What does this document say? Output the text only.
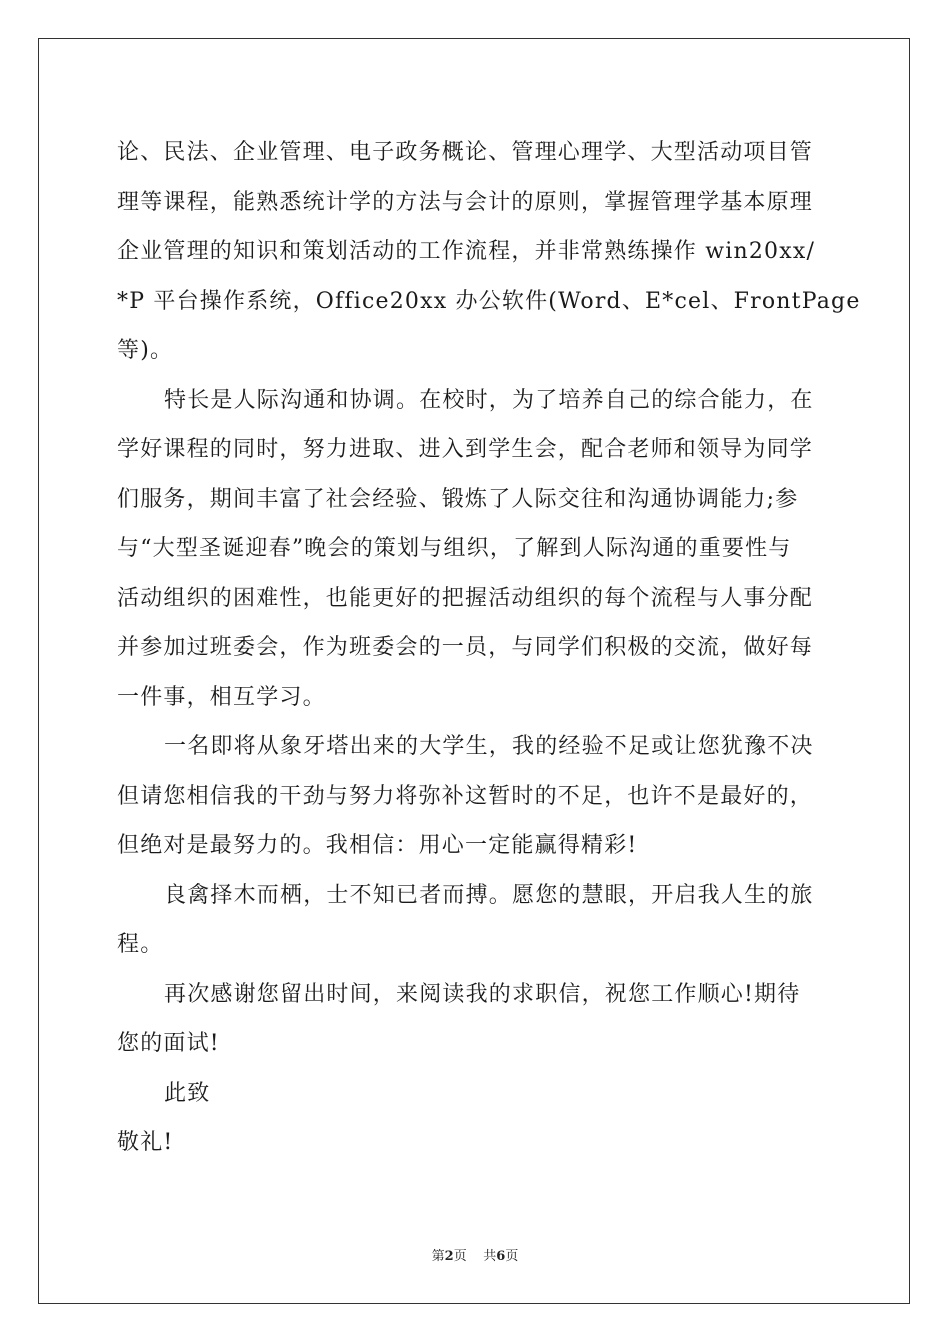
论、民法、企业管理、电子政务概论、管理心理学、大型活动项目管
理等课程，能熟悉统计学的方法与会计的原则，掌握管理学基本原理
企业管理的知识和策划活动的工作流程，并非常熟练操作 win20xx/
*P 平台操作系统，Office20xx 办公软件(Word、E*cel、FrontPage
等)。
特长是人际沟通和协调。在校时，为了培养自己的综合能力，在
学好课程的同时，努力进取、进入到学生会，配合老师和领导为同学
们服务，期间丰富了社会经验、锻炼了人际交往和沟通协调能力;参
与“大型圣诞迎春”晚会的策划与组织，了解到人际沟通的重要性与
活动组织的困难性，也能更好的把握活动组织的每个流程与人事分配
并参加过班委会，作为班委会的一员，与同学们积极的交流，做好每
一件事，相互学习。
一名即将从象牙塔出来的大学生，我的经验不足或让您犹豫不决
但请您相信我的干劲与努力将弥补这暂时的不足，也许不是最好的，
但绝对是最努力的。我相信：用心一定能赢得精彩!
良禽择木而栖，士不知已者而搏。愿您的慧眼，开启我人生的旅
程。
再次感谢您留出时间，来阅读我的求职信，祝您工作顺心!期待
您的面试!
此致
敬礼!
第2页 共6页
